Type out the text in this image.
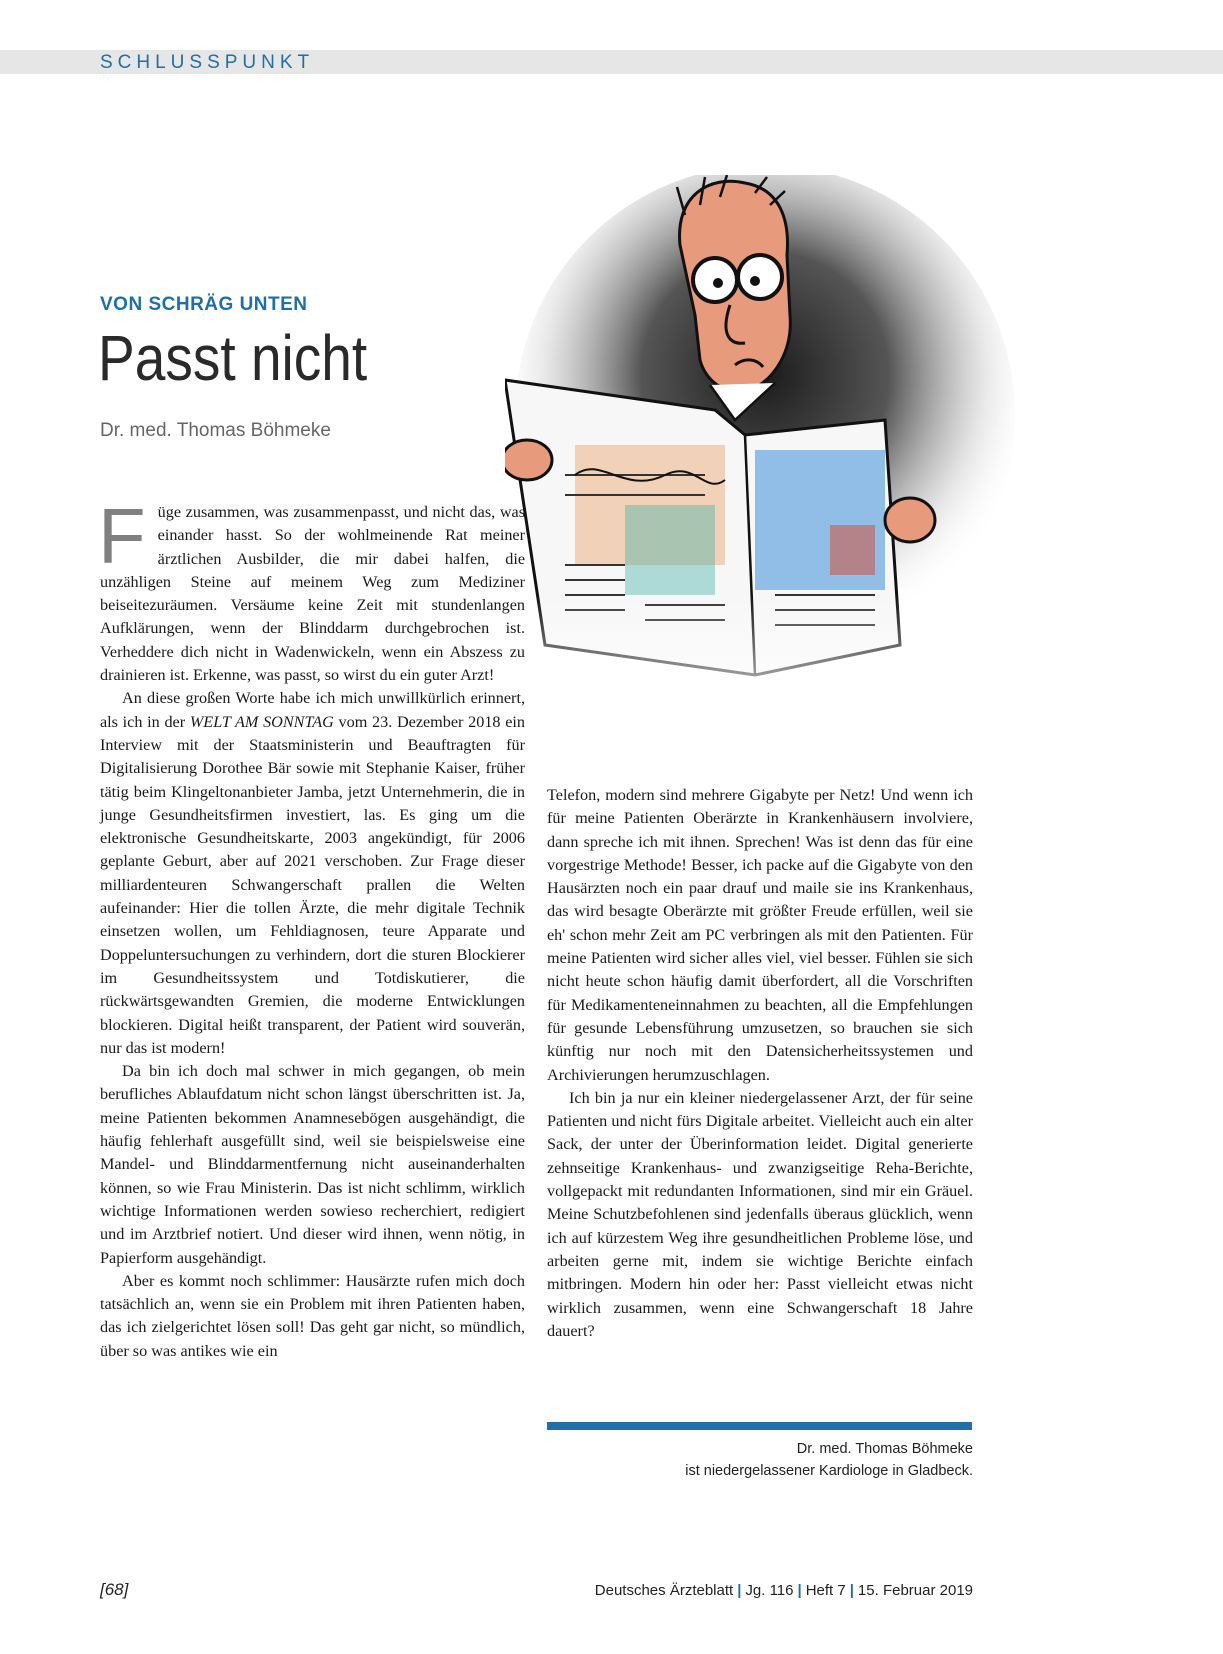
SCHLUSSPUNKT
VON SCHRÄG UNTEN
Passt nicht
Dr. med. Thomas Böhmeke

Füge zusammen, was zusammenpasst, und nicht das, was einander hasst. So der wohlmeinende Rat meiner ärztlichen Ausbilder, die mir dabei halfen, die unzähligen Steine auf meinem Weg zum Mediziner beiseitezuräumen. Versäume keine Zeit mit stundenlangen Aufklärungen, wenn der Blinddarm durchgebrochen ist. Verheddere dich nicht in Wadenwickeln, wenn ein Abszess zu drainieren ist. Erkenne, was passt, so wirst du ein guter Arzt!

An diese großen Worte habe ich mich unwillkürlich erinnert, als ich in der WELT AM SONNTAG vom 23. Dezember 2018 ein Interview mit der Staatsministerin und Beauftragten für Digitalisierung Dorothee Bär sowie mit Stephanie Kaiser, früher tätig beim Klingeltonanbieter Jamba, jetzt Unternehmerin, die in junge Gesundheitsfirmen investiert, las. Es ging um die elektronische Gesundheitskarte, 2003 angekündigt, für 2006 geplante Geburt, aber auf 2021 verschoben. Zur Frage dieser milliardenteuren Schwangerschaft prallen die Welten aufeinander: Hier die tollen Ärzte, die mehr digitale Technik einsetzen wollen, um Fehldiagnosen, teure Apparate und Doppeluntersuchungen zu verhindern, dort die sturen Blockierer im Gesundheitssystem und Totdiskutierer, die rückwärtsgewandten Gremien, die moderne Entwicklungen blockieren. Digital heißt transparent, der Patient wird souverän, nur das ist modern!

Da bin ich doch mal schwer in mich gegangen, ob mein berufliches Ablaufdatum nicht schon längst überschritten ist. Ja, meine Patienten bekommen Anamnesebögen ausgehändigt, die häufig fehlerhaft ausgefüllt sind, weil sie beispielsweise eine Mandel- und Blinddarmentfernung nicht auseinanderhalten können, so wie Frau Ministerin. Das ist nicht schlimm, wirklich wichtige Informationen werden sowieso recherchiert, redigiert und im Arztbrief notiert. Und dieser wird ihnen, wenn nötig, in Papierform ausgehändigt.

Aber es kommt noch schlimmer: Hausärzte rufen mich doch tatsächlich an, wenn sie ein Problem mit ihren Patienten haben, das ich zielgerichtet lösen soll! Das geht gar nicht, so mündlich, über so was antikes wie ein

Telefon, modern sind mehrere Gigabyte per Netz! Und wenn ich für meine Patienten Oberärzte in Krankenhäusern involviere, dann spreche ich mit ihnen. Sprechen! Was ist denn das für eine vorgestrige Methode! Besser, ich packe auf die Gigabyte von den Hausärzten noch ein paar drauf und maile sie ins Krankenhaus, das wird besagte Oberärzte mit größter Freude erfüllen, weil sie eh' schon mehr Zeit am PC verbringen als mit den Patienten. Für meine Patienten wird sicher alles viel, viel besser. Fühlen sie sich nicht heute schon häufig damit überfordert, all die Vorschriften für Medikamenteneinnahmen zu beachten, all die Empfehlungen für gesunde Lebensführung umzusetzen, so brauchen sie sich künftig nur noch mit den Datensicherheitssystemen und Archivierungen herumzuschlagen.

Ich bin ja nur ein kleiner niedergelassener Arzt, der für seine Patienten und nicht fürs Digitale arbeitet. Vielleicht auch ein alter Sack, der unter der Überinformation leidet. Digital generierte zehnseitige Krankenhaus- und zwanzigseitige Reha-Berichte, vollgepackt mit redundanten Informationen, sind mir ein Gräuel. Meine Schutzbefohlenen sind jedenfalls überaus glücklich, wenn ich auf kürzestem Weg ihre gesundheitlichen Probleme löse, und arbeiten gerne mit, indem sie wichtige Berichte einfach mitbringen. Modern hin oder her: Passt vielleicht etwas nicht wirklich zusammen, wenn eine Schwangerschaft 18 Jahre dauert?

Dr. med. Thomas Böhmeke
ist niedergelassener Kardiologe in Gladbeck.
[68]	Deutsches Ärzteblatt | Jg. 116 | Heft 7 | 15. Februar 2019
